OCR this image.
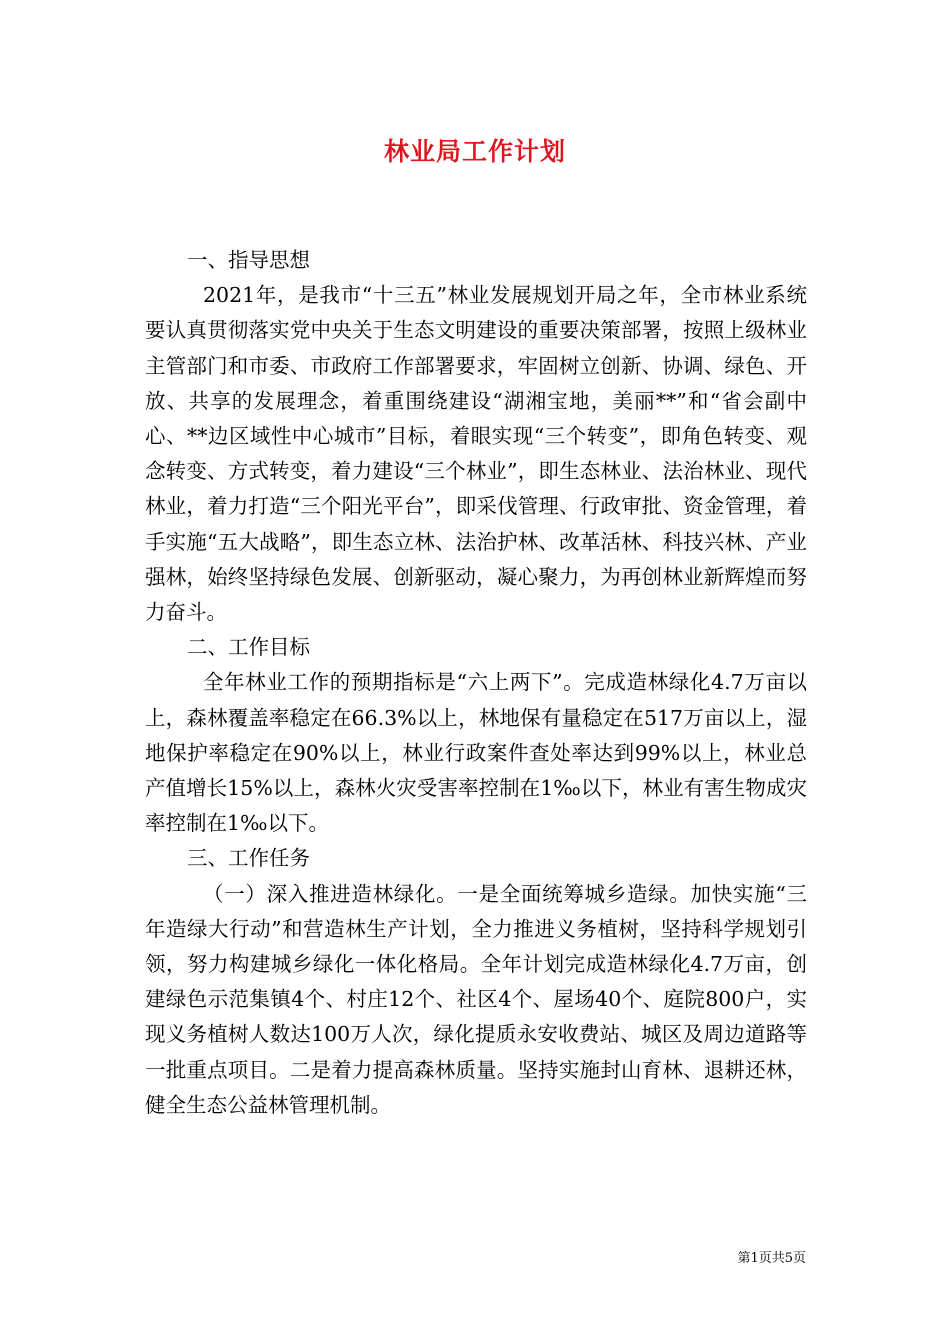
林业局工作计划
一、指导思想

2021年，是我市“十三五”林业发展规划开局之年，全市林业系统要认真贯彻落实党中央关于生态文明建设的重要决策部署，按照上级林业主管部门和市委、市政府工作部署要求，牢固树立创新、协调、绿色、开放、共享的发展理念，着重围绕建设“湖湘宝地，美丽**”和“省会副中心、**边区域性中心城市”目标，着眼实现“三个转变”，即角色转变、观念转变、方式转变，着力建设“三个林业”，即生态林业、法治林业、现代林业，着力打造“三个阳光平台”，即采伐管理、行政审批、资金管理，着手实施“五大战略”，即生态立林、法治护林、改革活林、科技兴林、产业强林，始终坚持绿色发展、创新驱动，凝心聚力，为再创林业新辉煌而努力奋斗。

二、工作目标

全年林业工作的预期指标是“六上两下”。完成造林绿化4.7万亩以上，森林覆盖率稳定在66.3%以上，林地保有量稳定在517万亩以上，湿地保护率稳定在90%以上，林业行政案件查处率达到99%以上，林业总产值增长15%以上，森林火灾受害率控制在1‰以下，林业有害生物成灾率控制在1‰以下。

三、工作任务

（一）深入推进造林绿化。一是全面统筹城乡造绿。加快实施“三年造绿大行动”和营造林生产计划，全力推进义务植树，坚持科学规划引领，努力构建城乡绿化一体化格局。全年计划完成造林绿化4.7万亩，创建绿色示范集镇4个、村庄12个、社区4个、屋场40个、庭院800户，实现义务植树人数达100万人次，绿化提质永安收费站、城区及周边道路等一批重点项目。二是着力提高森林质量。坚持实施封山育林、退耕还林，健全生态公益林管理机制。

第1页共5页
